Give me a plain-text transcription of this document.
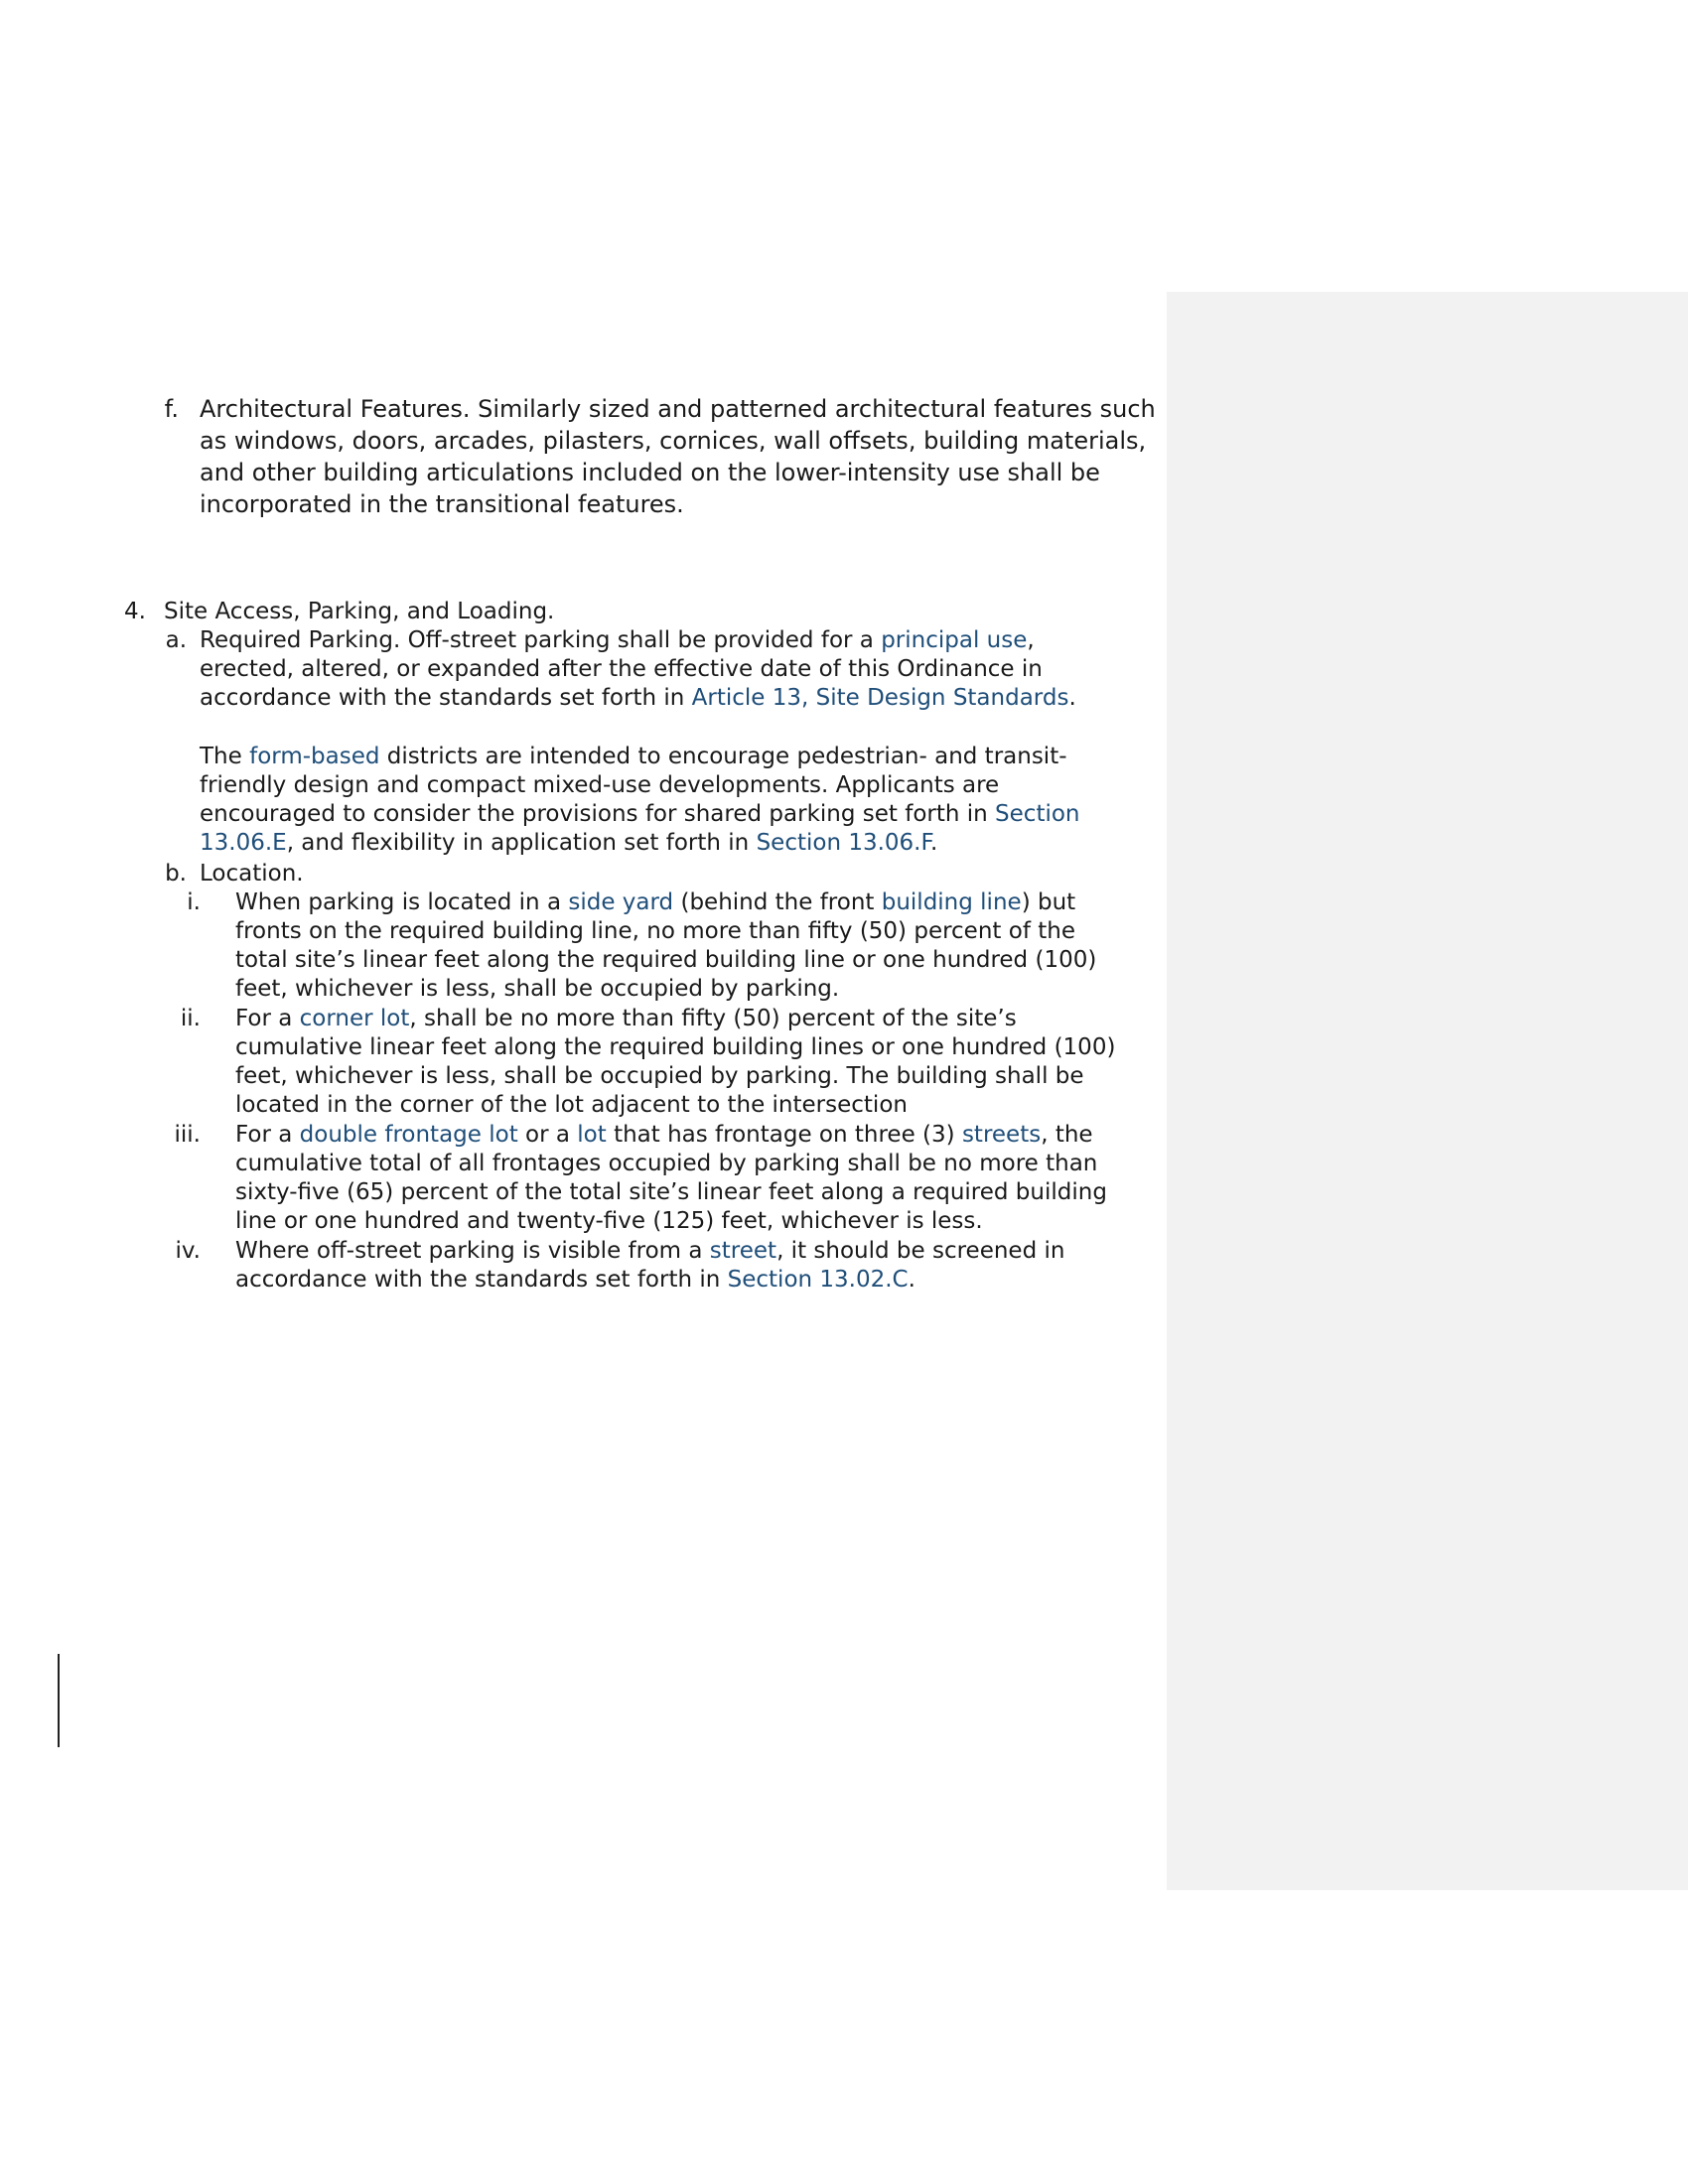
f. Architectural Features. Similarly sized and patterned architectural features such
as windows, doors, arcades, pilasters, cornices, wall offsets, building materials,
and other building articulations included on the lower-intensity use shall be
incorporated in the transitional features.
4. Site Access, Parking, and Loading.
a. Required Parking. Off-street parking shall be provided for a principal use,
erected, altered, or expanded after the effective date of this Ordinance in
accordance with the standards set forth in Article 13, Site Design Standards.
The form-based districts are intended to encourage pedestrian- and transit-
friendly design and compact mixed-use developments. Applicants are
encouraged to consider the provisions for shared parking set forth in Section
13.06.E, and flexibility in application set forth in Section 13.06.F.
b. Location.
i. When parking is located in a side yard (behind the front building line) but
fronts on the required building line, no more than fifty (50) percent of the
total site’s linear feet along the required building line or one hundred (100)
feet, whichever is less, shall be occupied by parking.
ii. For a corner lot, shall be no more than fifty (50) percent of the site’s
cumulative linear feet along the required building lines or one hundred (100)
feet, whichever is less, shall be occupied by parking. The building shall be
located in the corner of the lot adjacent to the intersection
iii. For a double frontage lot or a lot that has frontage on three (3) streets, the
cumulative total of all frontages occupied by parking shall be no more than
sixty-five (65) percent of the total site’s linear feet along a required building
line or one hundred and twenty-five (125) feet, whichever is less.
iv. Where off-street parking is visible from a street, it should be screened in
accordance with the standards set forth in Section 13.02.C.
